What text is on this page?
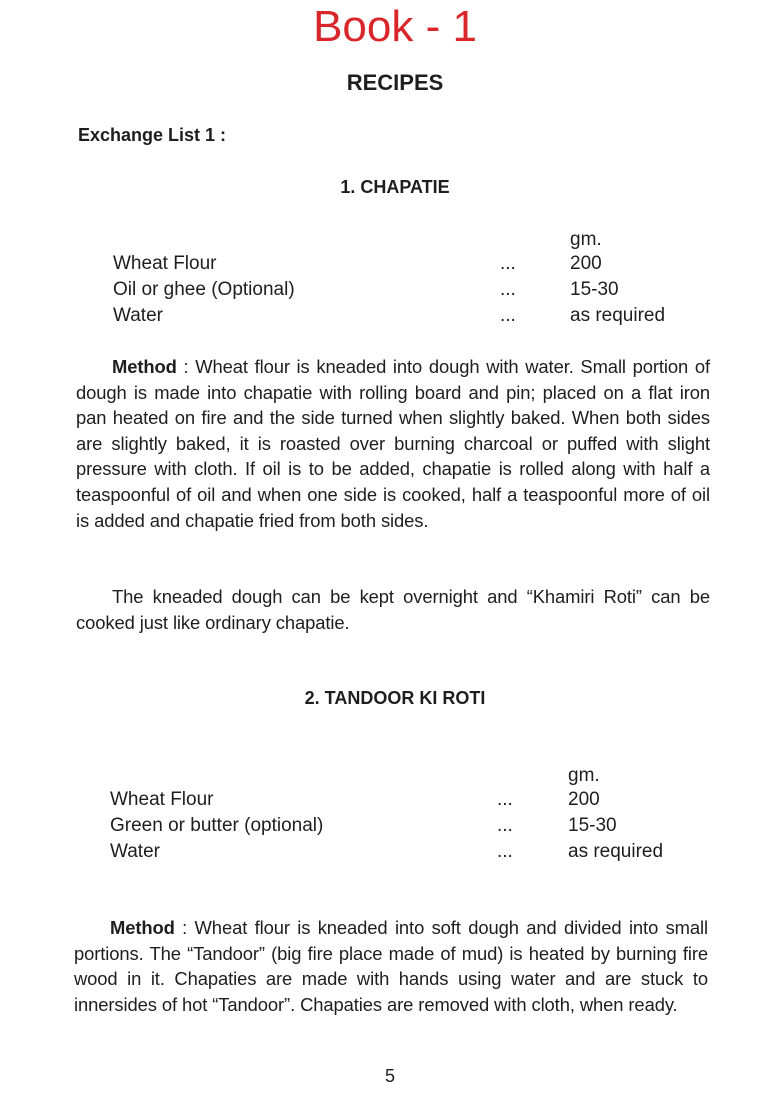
Book - 1
RECIPES
Exchange List 1 :
1. CHAPATIE
gm.
Wheat Flour	...	200
Oil or ghee (Optional)	...	15-30
Water	...	as required
Method : Wheat flour is kneaded into dough with water. Small portion of dough is made into chapatie with rolling board and pin; placed on a flat iron pan heated on fire and the side turned when slightly baked. When both sides are slightly baked, it is roasted over burning charcoal or puffed with slight pressure with cloth. If oil is to be added, chapatie is rolled along with half a teaspoonful of oil and when one side is cooked, half a teaspoonful more of oil is added and chapatie fried from both sides.
The kneaded dough can be kept overnight and “Khamiri Roti” can be cooked just like ordinary chapatie.
2. TANDOOR KI ROTI
gm.
Wheat Flour	...	200
Green or butter (optional)	...	15-30
Water	...	as required
Method : Wheat flour is kneaded into soft dough and divided into small portions. The “Tandoor” (big fire place made of mud) is heated by burning fire wood in it. Chapaties are made with hands using water and are stuck to innersides of hot “Tandoor”. Chapaties are removed with cloth, when ready.
5
